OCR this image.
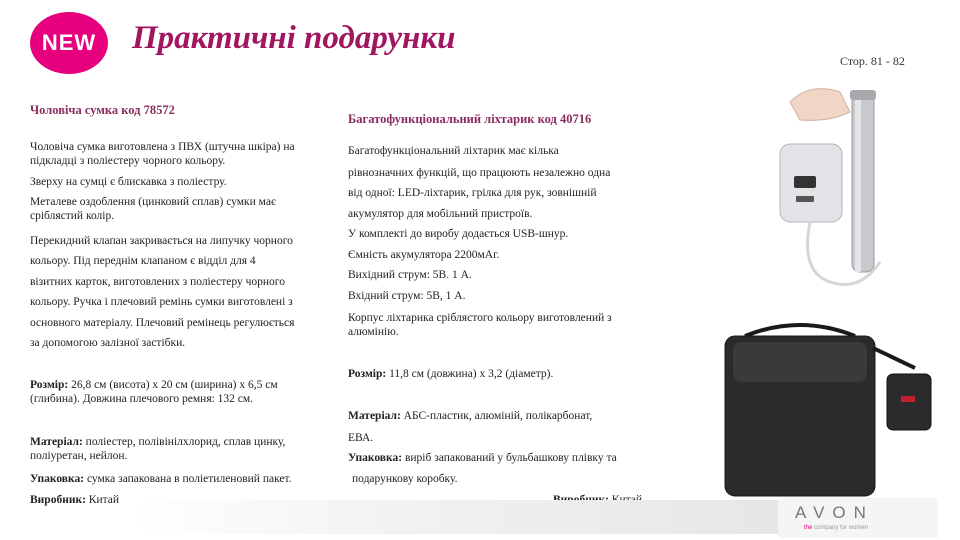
NEW	Практичні подарунки
Стор. 81 - 82
Чоловіча сумка код 78572
Чоловіча сумка виготовлена з ПВХ (штучна шкіра) на підкладці з поліестеру чорного кольору.
Зверху на сумці є блискавка з поліестру.
Металеве оздоблення (цинковий сплав) сумки має сріблястий колір.
Перекидний клапан закривається на липучку чорного
кольору. Під переднім клапаном є відділ для 4
візитних карток, виготовлених з поліестеру чорного
кольору. Ручка і плечовий ремінь сумки виготовлені з
основного матеріалу. Плечовий ремінець регулюється
за допомогою залізної застібки.
Розмір: 26,8 см (висота) х 20 см (ширина) х 6,5 см (глибина). Довжина плечового ремня: 132 см.
Матеріал: поліестер, полівінілхлорид, сплав цинку, поліуретан, нейлон.
Упаковка: сумка запакована в поліетиленовий пакет.
Виробник: Китай
Багатофункціональний ліхтарик код 40716
Багатофункціональний ліхтарик має кілька
рівнозначних функцій, що працюють незалежно одна
від одної: LED-ліхтарик, грілка для рук, зовнішній
акумулятор для мобільний пристроїв.
У комплекті до виробу додається USB-шнур.
Ємність акумулятора 2200мАг.
Вихідний струм: 5В. 1 А.
Вхідний струм: 5В, 1 А.
Корпус ліхтарика сріблястого кольору виготовлений з алюмінію.
Розмір: 11,8 см (довжина) х 3,2 (діаметр).
Матеріал: АБС-пластик, алюміній, полікарбонат,
ЕВА.
Упаковка: виріб запакований у бульбашкову плівку та
подарункову коробку.
AVON
the company for women
